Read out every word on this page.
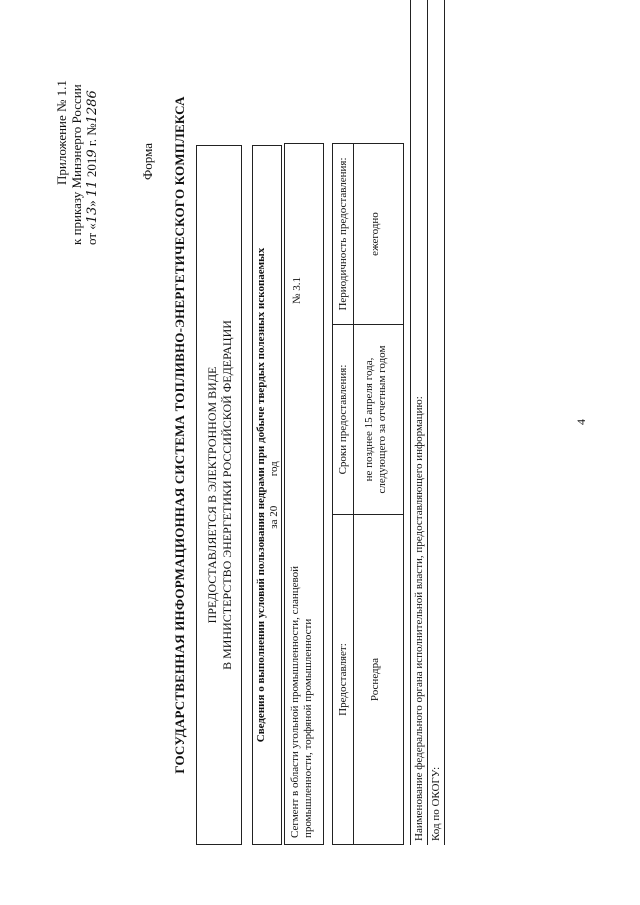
Приложение № 1.1 к приказу Минэнерго России от «13» 11 2019 г. №1286
Форма ГОСУДАРСТВЕННАЯ ИНФОРМАЦИОННАЯ СИСТЕМА ТОПЛИВНО-ЭНЕРГЕТИЧЕСКОГО КОМПЛЕКСА ПРЕДОСТАВЛЯЕТСЯ В ЭЛЕКТРОННОМ ВИДЕ В МИНИСТЕРСТВО ЭНЕРГЕТИКИ РОССИЙСКОЙ ФЕДЕРАЦИИ Сведения о выполнении условий пользования недрами при добыче твердых полезных ископаемых за 20  год
Сегмент в области угольной промышленности, сланцевой промышленности, торфяной промышленности
№ 3.1
Предоставляет:
Сроки предоставления:
Периодичность предоставления:
Роснедра
не позднее 15 апреля года, следующего за отчетным годом
ежегодно
Наименование федерального органа исполнительной власти, предоставляющего информацию: Код по ОКОГУ:
4
